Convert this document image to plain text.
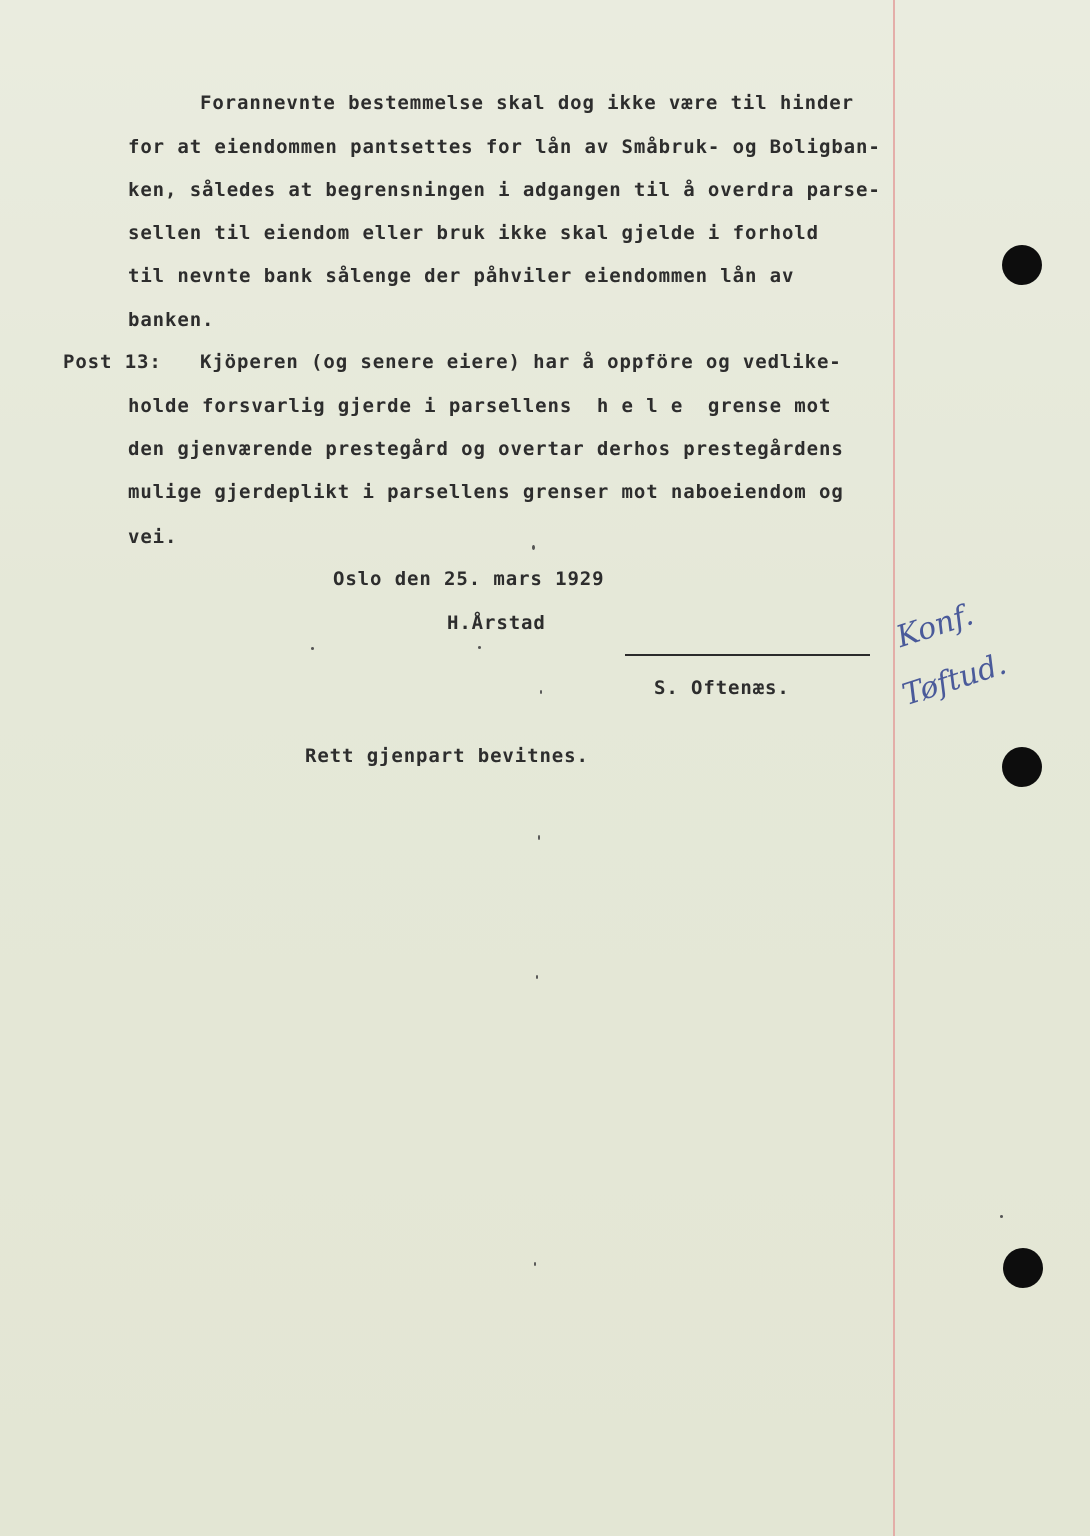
Forannevnte bestemmelse skal dog ikke være til hinder
for at eiendommen pantsettes for lån av Småbruk- og Boligban-
ken, således at begrensningen i adgangen til å overdra parse-
sellen til eiendom eller bruk ikke skal gjelde i forhold
til nevnte bank sålenge der påhviler eiendommen lån av
banken.
Post 13: Kjöperen (og senere eiere) har å oppföre og vedlike-
holde forsvarlig gjerde i parsellens  h e l e  grense mot
den gjenværende prestegård og overtar derhos prestegårdens
mulige gjerdeplikt i parsellens grenser mot naboeiendom og
vei.
Oslo den 25. mars 1929
H.Årstad
S. Oftenæs.
Rett gjenpart bevitnes.
Konf.
Tøftud.
